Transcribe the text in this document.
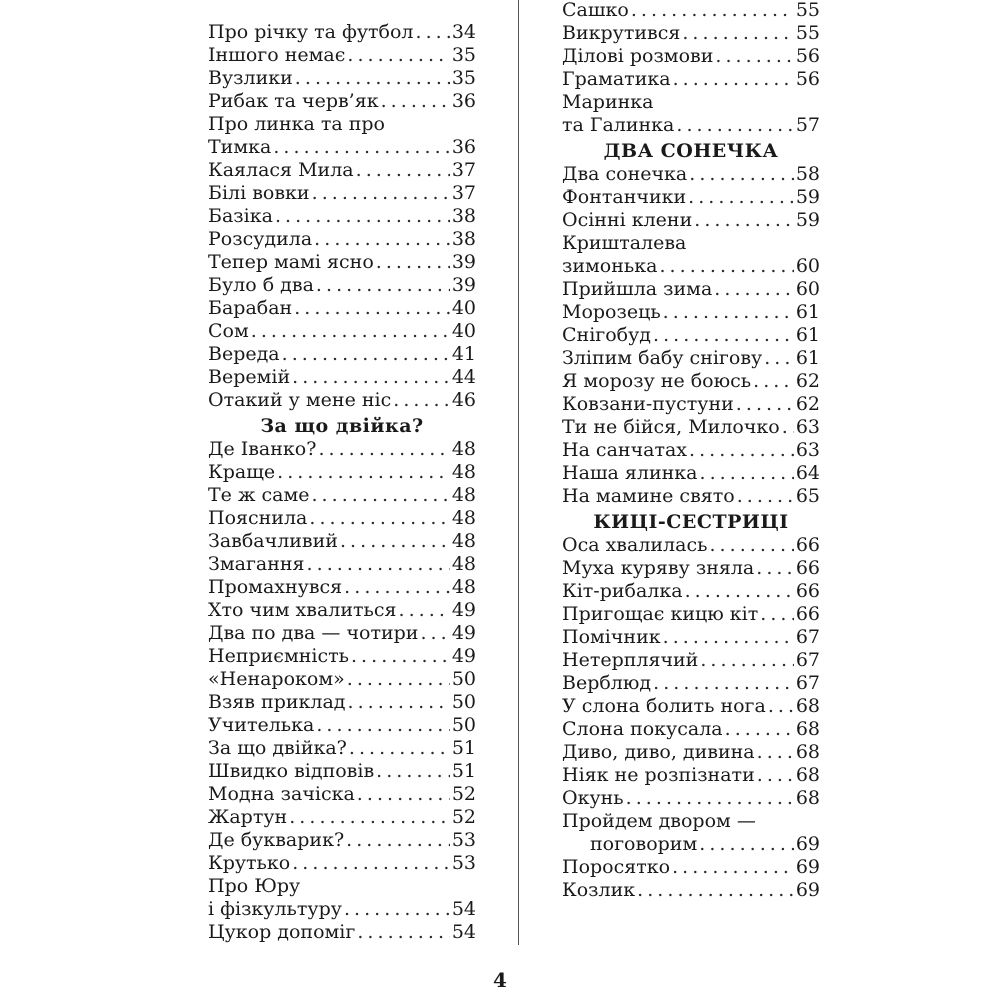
Про річку та футбол . . . 34
Іншого немає . . .	35
Вузлики . . .	35
Рибак та черв’як . . .	36
Про линка та про
Тимка . . .	36
Каялася Мила . . .	37
Білі вовки . . .	37
Базіка . . .	38
Розсудила . . .	38
Тепер мамі ясно . . .	39
Було б два . . .	39
Барабан . . .	40
Сом . . .	40
Вереда . . .	41
Веремій . . .	44
Отакий у мене ніс . . .	46
За що двійка?
Де Іванко? . . .	48
Краще . . .	48
Те ж саме . . .	48
Пояснила . . .	48
Завбачливий . . .	48
Змагання . . .	48
Промахнувся . . .	48
Хто чим хвалиться . . .	49
Два по два — чотири . . . 49
Неприємність . . .	49
«Ненароком» . . .	50
Взяв приклад . . .	50
Учителька . . .	50
За що двійка? . . .	51
Швидко відповів . . .	51
Модна зачіска . . .	52
Жартун . . .	52
Де букварик? . . .	53
Крутько . . .	53
Про Юру
і фізкультуру . . .	54
Цукор допоміг . . .	54
Сашко . . .	55
Викрутився . . .	55
Ділові розмови . . .	56
Граматика . . .	56
Маринка
та Галинка . . .	57
ДВА СОНЕЧКА
Два сонечка . . .	58
Фонтанчики . . .	59
Осінні клени . . .	59
Кришталева
зимонька . . .	60
Прийшла зима . . .	60
Морозець . . .	61
Снігобуд . . .	61
Зліпим бабу снігову . . . 61
Я морозу не боюсь . . . 62
Ковзани-пустуни . . .	62
Ти не бійся, Милочко . . . 63
На санчатах . . .	63
Наша ялинка . . .	64
На мамине свято . . .	65
КИЦІ-СЕСТРИЦІ
Оса хвалилась . . .	66
Муха куряву зняла . . . 66
Кіт-рибалка . . .	66
Пригощає кицю кіт . . . 66
Помічник . . .	67
Нетерплячий . . .	67
Верблюд . . .	67
У слона болить нога . . . 68
Слона покусала . . .	68
Диво, диво, дивина . . . 68
Ніяк не розпізнати . . . 68
Окунь . . .	68
Пройдем двором —
поговорим . . .	69
Поросятко . . .	69
Козлик . . .	69
4
